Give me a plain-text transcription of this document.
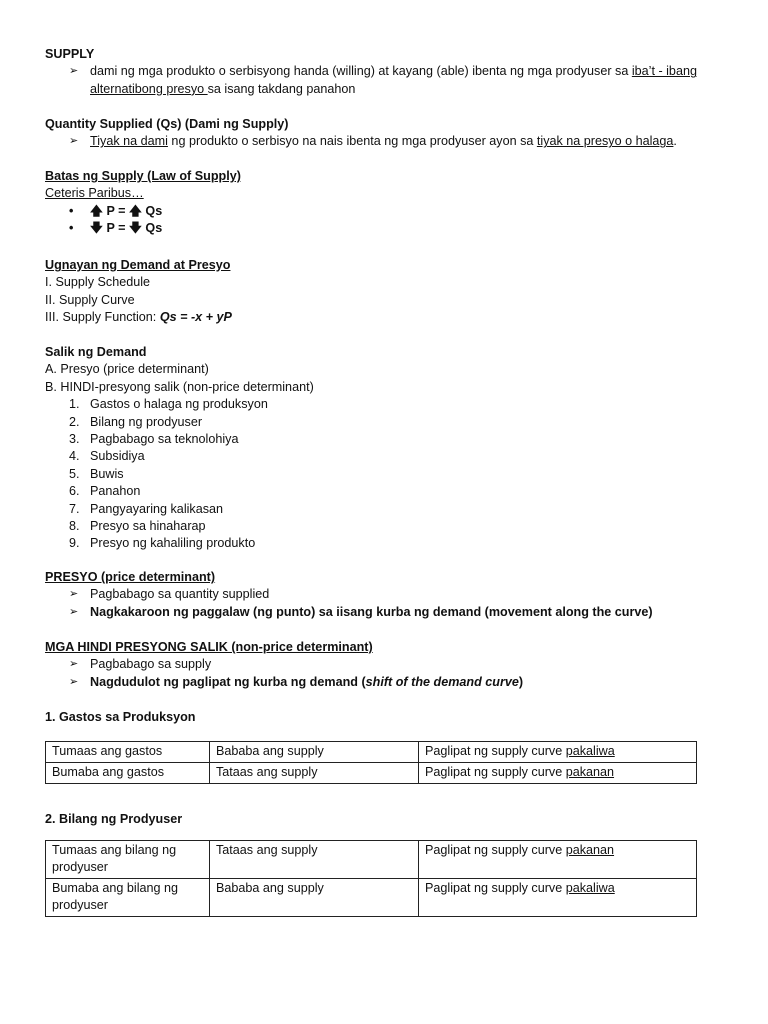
SUPPLY

➢ dami ng mga produkto o serbisyong handa (willing) at kayang (able) ibenta ng mga prodyuser sa iba’t - ibang alternatibong presyo sa isang takdang panahon

Quantity Supplied (Qs) (Dami ng Supply)

➢ Tiyak na dami ng produkto o serbisyo na nais ibenta ng mga prodyuser ayon sa tiyak na presyo o halaga.

Batas ng Supply (Law of Supply)

Ceteris Paribus…

• 🡅 P = 🡅 Qs
• 🡇 P = 🡇 Qs

Ugnayan ng Demand at Presyo

I. Supply Schedule

II. Supply Curve

III. Supply Function: Qs = -x + yP

Salik ng Demand

A. Presyo (price determinant)

B. HINDI-presyong salik (non-price determinant)

1. Gastos o halaga ng produksyon
2. Bilang ng prodyuser
3. Pagbabago sa teknolohiya
4. Subsidiya
5. Buwis
6. Panahon
7. Pangyayaring kalikasan
8. Presyo sa hinaharap
9. Presyo ng kahaliling produkto

PRESYO (price determinant)

➢ Pagbabago sa quantity supplied
➢ Nagkakaroon ng paggalaw (ng punto) sa iisang kurba ng demand (movement along the curve)

MGA HINDI PRESYONG SALIK (non-price determinant)

➢ Pagbabago sa supply
➢ Nagdudulot ng paglipat ng kurba ng demand (shift of the demand curve)

1. Gastos sa Produksyon

Tumaas ang gastos	Bababa ang supply	Paglipat ng supply curve pakaliwa
Bumaba ang gastos	Tataas ang supply	Paglipat ng supply curve pakanan

2. Bilang ng Prodyuser

Tumaas ang bilang ng prodyuser	Tataas ang supply	Paglipat ng supply curve pakanan
Bumaba ang bilang ng prodyuser	Bababa ang supply	Paglipat ng supply curve pakaliwa
